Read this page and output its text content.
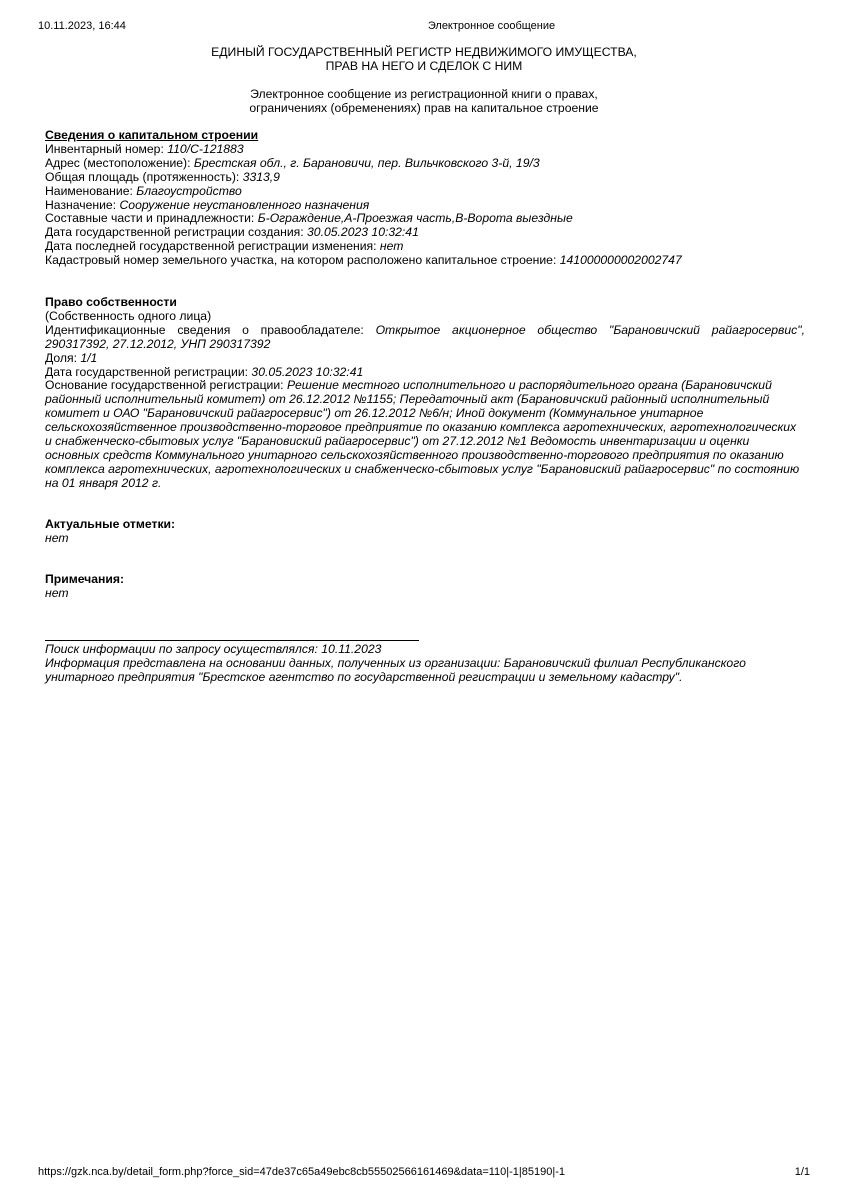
10.11.2023, 16:44	Электронное сообщение
ЕДИНЫЙ ГОСУДАРСТВЕННЫЙ РЕГИСТР НЕДВИЖИМОГО ИМУЩЕСТВА,
ПРАВ НА НЕГО И СДЕЛОК С НИМ
Электронное сообщение из регистрационной книги о правах,
ограничениях (обременениях) прав на капитальное строение
Сведения о капитальном строении
Инвентарный номер: 110/C-121883
Адрес (местоположение): Брестская обл., г. Барановичи, пер. Вильчковского 3-й, 19/3
Общая площадь (протяженность): 3313,9
Наименование: Благоустройство
Назначение: Сооружение неустановленного назначения
Составные части и принадлежности: Б-Ограждение,А-Проезжая часть,В-Ворота выездные
Дата государственной регистрации создания: 30.05.2023 10:32:41
Дата последней государственной регистрации изменения: нет
Кадастровый номер земельного участка, на котором расположено капитальное строение: 141000000002002747
Право собственности
(Собственность одного лица)
Идентификационные сведения о правообладателе: Открытое акционерное общество "Барановичский райагросервис", 290317392, 27.12.2012, УНП 290317392
Доля: 1/1
Дата государственной регистрации: 30.05.2023 10:32:41
Основание государственной регистрации: Решение местного исполнительного и распорядительного органа (Барановичский районный исполнительный комитет) от 26.12.2012 №1155; Передаточный акт (Барановичский районный исполнительный комитет и ОАО "Барановичский райагросервис") от 26.12.2012 №6/н; Иной документ (Коммунальное унитарное сельскохозяйственное производственно-торговое предприятие по оказанию комплекса агротехнических, агротехнологических и снабженческо-сбытовых услуг "Барановиский райагросервис") от 27.12.2012 №1 Ведомость инвентаризации и оценки основных средств Коммунального унитарного сельскохозяйственного производственно-торгового предприятия по оказанию комплекса агротехнических, агротехнологических и снабженческо-сбытовых услуг "Барановиский райагросервис" по состоянию на 01 января 2012 г.
Актуальные отметки:
нет
Примечания:
нет
Поиск информации по запросу осуществлялся: 10.11.2023
Информация представлена на основании данных, полученных из организации: Барановичский филиал Республиканского унитарного предприятия "Брестское агентство по государственной регистрации и земельному кадастру".
https://gzk.nca.by/detail_form.php?force_sid=47de37c65a49ebc8cb55502566161469&data=110|-1|85190|-1	1/1
